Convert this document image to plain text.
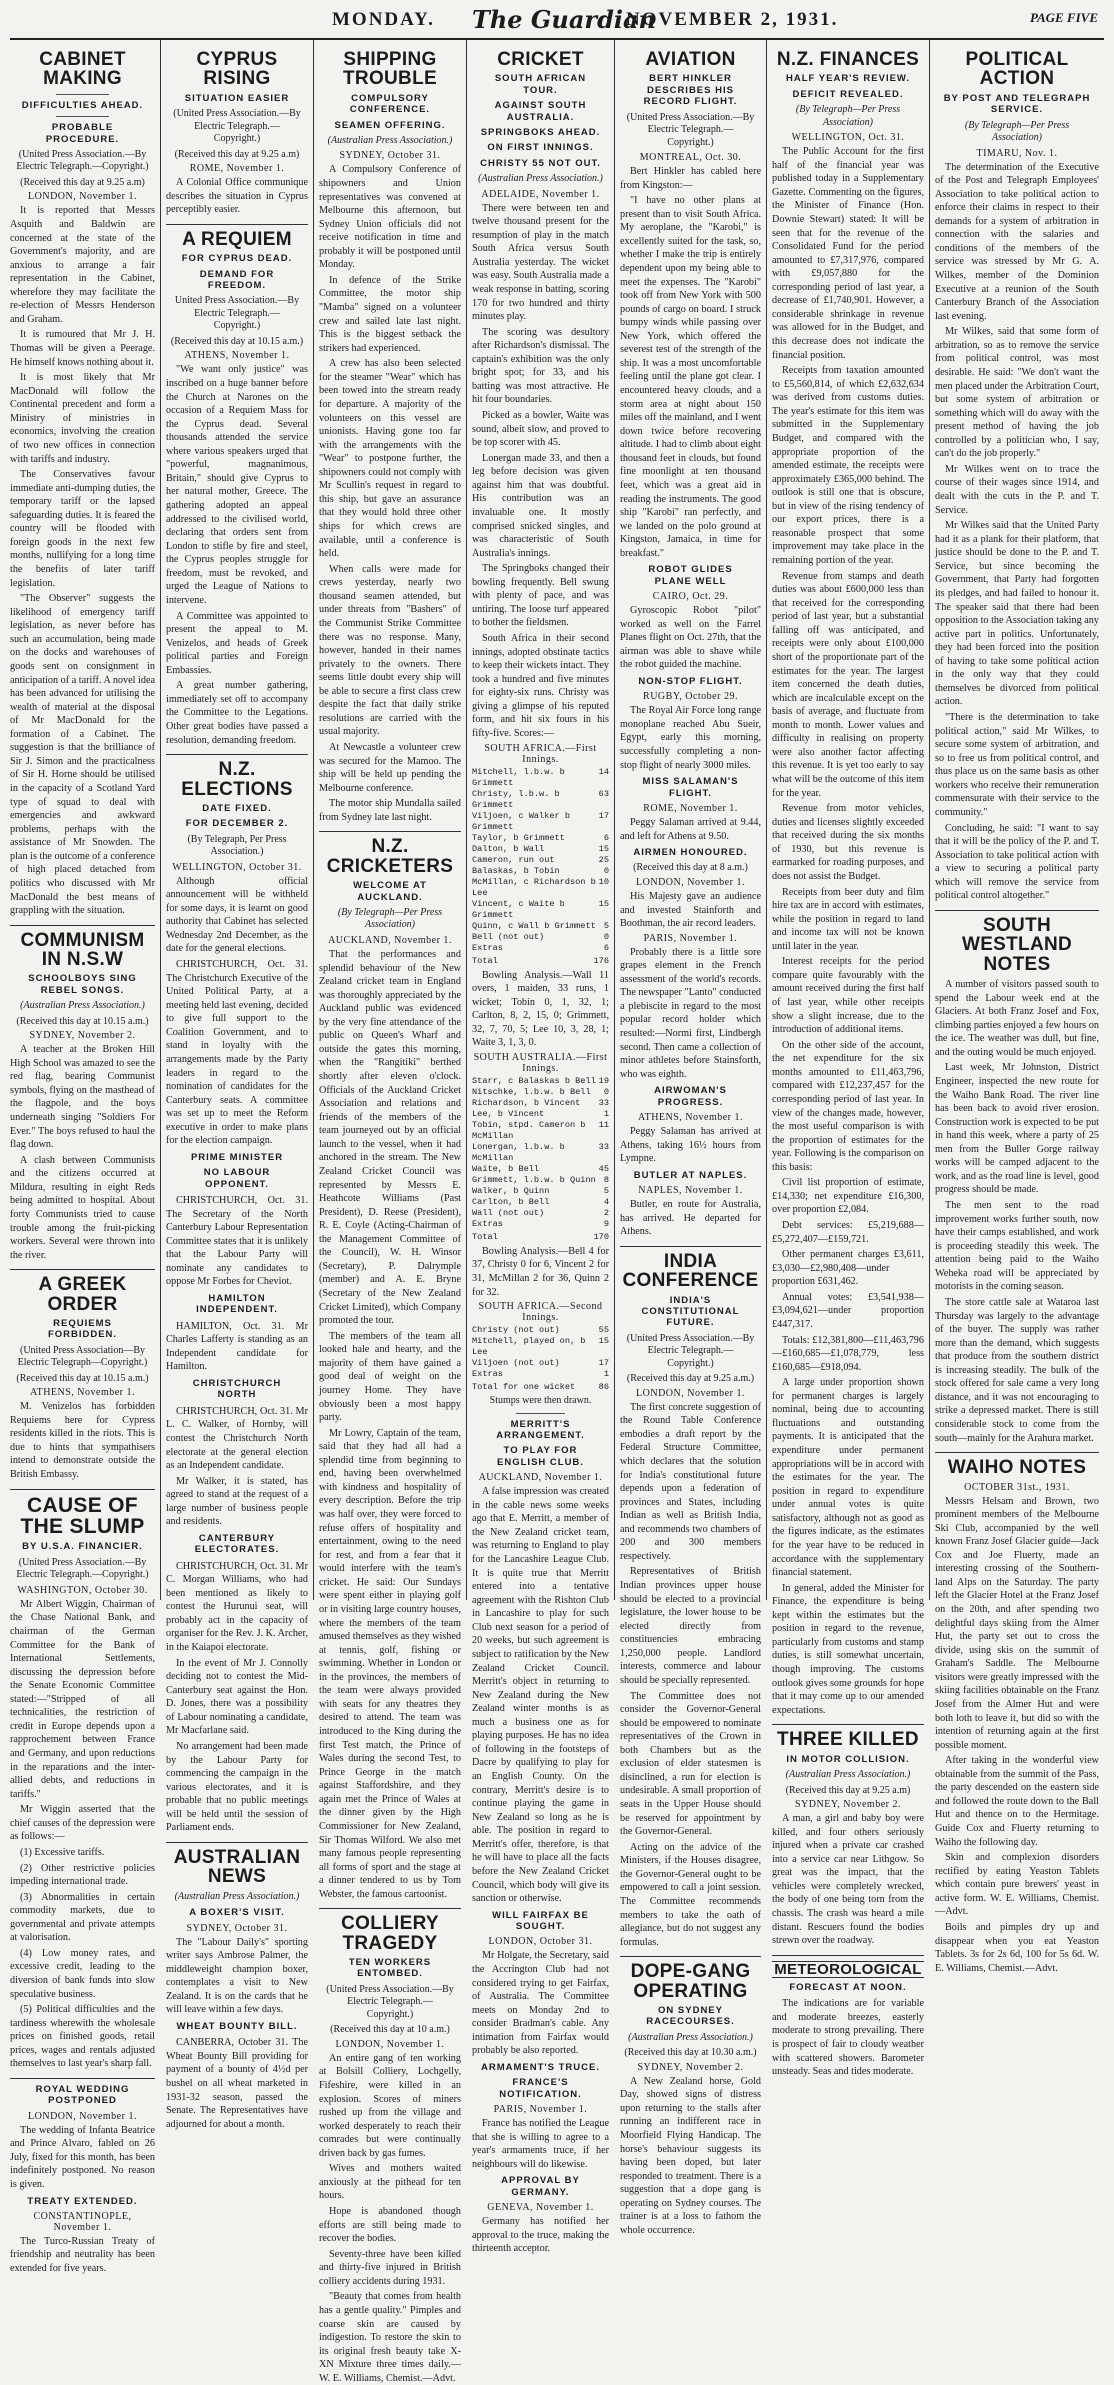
MONDAY. The Guardian
NOVEMBER 2, 1931.	PAGE FIVE
CABINET MAKING
DIFFICULTIES AHEAD.
PROBABLE PROCEDURE.
(United Press Association.—By Electric Telegraph.—Copyright.)
(Received this day at 9.25 a.m)
LONDON, November 1.

It is reported that Messrs Asquith and Baldwin are concerned at the state of the Government's majority, and are anxious to arrange a fair representation in the Cabinet, wherefore they may facilitate the re-election of Messrs Henderson and Graham.

It is rumoured that Mr J. H. Thomas will be given a Peerage. He himself knows nothing about it.

It is most likely that Mr MacDonald will follow the Continental precedent and form a Ministry of ministries in economics, involving the creation of two new offices in connection with tariffs and industry.

The Conservatives favour immediate anti-dumping duties, the temporary tariff or the lapsed safeguarding duties. It is feared the country will be flooded with foreign goods in the next few months, nullifying for a long time the benefits of later tariff legislation.

"The Observer" suggests the likelihood of emergency tariff legislation, as never before has such an accumulation, being made on the docks and warehouses of goods sent on consignment in anticipation of a tariff. A novel idea has been advanced for utilising the wealth of material at the disposal of Mr MacDonald for the formation of a Cabinet. The suggestion is that the brilliance of Sir J. Simon and the practicalness of Sir H. Horne should be utilised in the capacity of a Scotland Yard type of squad to deal with emergencies and awkward problems, perhaps with the assistance of Mr Snowden. The plan is the outcome of a conference of high placed detached from politics who discussed with Mr MacDonald the best means of grappling with the situation.

COMMUNISM IN N.S.W
SCHOOLBOYS SING REBEL SONGS.
(Australian Press Association.)
(Received this day at 10.15 a.m.)
SYDNEY, November 2.

A teacher at the Broken Hill High School was amazed to see the red flag, bearing Communist symbols, flying on the masthead of the flagpole, and the boys underneath singing "Soldiers For Ever." The boys refused to haul the flag down.

A clash between Communists and the citizens occurred at Mildura, resulting in eight Reds being admitted to hospital. About forty Communists tried to cause trouble among the fruit-picking workers. Several were thrown into the river.

A GREEK ORDER
REQUIEMS FORBIDDEN.
(United Press Association—By Electric Telegraph—Copyright.)
(Received this day at 10.15 a.m.)
ATHENS, November 1.

M. Venizelos has forbidden Requiems here for Cypress residents killed in the riots. This is due to hints that sympathisers intend to demonstrate outside the British Embassy.

CAUSE OF THE SLUMP
BY U.S.A. FINANCIER.
(United Press Association.—By Electric Telegraph.—Copyright.)
WASHINGTON, October 30.

Mr Albert Wiggin, Chairman of the Chase National Bank, and chairman of the German Committee for the Bank of International Settlements, discussing the depression before the Senate Economic Committee stated:—"Stripped of all technicalities, the restriction of credit in Europe depends upon a rapprochement between France and Germany, and upon reductions in the reparations and the inter-allied debts, and reductions in tariffs."

Mr Wiggin asserted that the chief causes of the depression were as follows:—

(1) Excessive tariffs.

(2) Other restrictive policies impeding international trade.

(3) Abnormalities in certain commodity markets, due to governmental and private attempts at valorisation.

(4) Low money rates, and excessive credit, leading to the diversion of bank funds into slow speculative business.

(5) Political difficulties and the tardiness wherewith the wholesale prices on finished goods, retail prices, wages and rentals adjusted themselves to last year's sharp fall.

ROYAL WEDDING POSTPONED
LONDON, November 1.

The wedding of Infanta Beatrice and Prince Alvaro, fabled on 26 July, fixed for this month, has been indefinitely postponed. No reason is given.

TREATY EXTENDED.
CONSTANTINOPLE, November 1.

The Turco-Russian Treaty of friendship and neutrality has been extended for five years.

CYPRUS RISING
SITUATION EASIER
(United Press Association.—By Electric Telegraph.—Copyright.)
(Received this day at 9.25 a.m)
ROME, November 1.

A Colonial Office communique describes the situation in Cyprus perceptibly easier.

A REQUIEM
FOR CYPRUS DEAD.
DEMAND FOR FREEDOM.
United Press Association.—By Electric Telegraph.—Copyright.)
(Received this day at 10.15 a.m.)
ATHENS, November 1.

"We want only justice" was inscribed on a huge banner before the Church at Narones on the occasion of a Requiem Mass for the Cyprus dead. Several thousands attended the service where various speakers urged that "powerful, magnanimous, Britain," should give Cyprus to her natural mother, Greece. The gathering adopted an appeal addressed to the civilised world, declaring that orders sent from London to stifle by fire and steel, the Cyprus peoples struggle for freedom, must be revoked, and urged the League of Nations to intervene.

A Committee was appointed to present the appeal to M. Venizelos, and heads of Greek political parties and Foreign Embassies.

A great number gathering, immediately set off to accompany the Committee to the Legations. Other great bodies have passed a resolution, demanding freedom.

N.Z. ELECTIONS
DATE FIXED.
FOR DECEMBER 2.
(By Telegraph, Per Press Association.)
WELLINGTON, October 31.

Although official announcement will be withheld for some days, it is learnt on good authority that Cabinet has selected Wednesday 2nd December, as the date for the general elections.

CHRISTCHURCH, Oct. 31. The Christchurch Executive of the United Political Party, at a meeting held last evening, decided to give full support to the Coalition Government, and to stand in loyalty with the arrangements made by the Party leaders in regard to the nomination of candidates for the Canterbury seats. A committee was set up to meet the Reform executive in order to make plans for the election campaign.

PRIME MINISTER
NO LABOUR OPPONENT.

CHRISTCHURCH, Oct. 31. The Secretary of the North Canterbury Labour Representation Committee states that it is unlikely that the Labour Party will nominate any candidates to oppose Mr Forbes for Cheviot.

HAMILTON INDEPENDENT.

HAMILTON, Oct. 31. Mr Charles Lafferty is standing as an Independent candidate for Hamilton.

CHRISTCHURCH NORTH

CHRISTCHURCH, Oct. 31. Mr L. C. Walker, of Hornby, will contest the Christchurch North electorate at the general election as an Independent candidate.

Mr Walker, it is stated, has agreed to stand at the request of a large number of business people and residents.

CANTERBURY ELECTORATES.

CHRISTCHURCH, Oct. 31. Mr C. Morgan Williams, who had been mentioned as likely to contest the Hurunui seat, will probably act in the capacity of organiser for the Rev. J. K. Archer, in the Kaiapoi electorate.

In the event of Mr J. Connolly deciding not to contest the Mid-Canterbury seat against the Hon. D. Jones, there was a possibility of Labour nominating a candidate, Mr Macfarlane said.

No arrangement had been made by the Labour Party for commencing the campaign in the various electorates, and it is probable that no public meetings will be held until the session of Parliament ends.

AUSTRALIAN NEWS
(Australian Press Association.)
A BOXER'S VISIT.
SYDNEY, October 31.

The "Labour Daily's" sporting writer says Ambrose Palmer, the middleweight champion boxer, contemplates a visit to New Zealand. It is on the cards that he will leave within a few days.

WHEAT BOUNTY BILL.

CANBERRA, October 31. The Wheat Bounty Bill providing for payment of a bounty of 4½d per bushel on all wheat marketed in 1931-32 season, passed the Senate. The Representatives have adjourned for about a month.

SHIPPING TROUBLE
COMPULSORY CONFERENCE.
SEAMEN OFFERING.
(Australian Press Association.)
SYDNEY, October 31.

A Compulsory Conference of shipowners and Union representatives was convened at Melbourne this afternoon, but Sydney Union officials did not receive notification in time and probably it will be postponed until Monday.

In defence of the Strike Committee, the motor ship "Mamba" signed on a volunteer crew and sailed late last night. This is the biggest setback the strikers had experienced.

A crew has also been selected for the steamer "Wear" which has been towed into the stream ready for departure. A majority of the volunteers on this vessel are unionists. Having gone too far with the arrangements with the "Wear" to postpone further, the shipowners could not comply with Mr Scullin's request in regard to this ship, but gave an assurance that they would hold three other ships for which crews are available, until a conference is held.

When calls were made for crews yesterday, nearly two thousand seamen attended, but under threats from "Bashers" of the Communist Strike Committee there was no response. Many, however, handed in their names privately to the owners. There seems little doubt every ship will be able to secure a first class crew despite the fact that daily strike resolutions are carried with the usual majority.

At Newcastle a volunteer crew was secured for the Mamoo. The ship will be held up pending the Melbourne conference.

The motor ship Mundalla sailed from Sydney late last night.

N.Z. CRICKETERS
WELCOME AT AUCKLAND.
(By Telegraph—Per Press Association)
AUCKLAND, November 1.

That the performances and splendid behaviour of the New Zealand cricket team in England was thoroughly appreciated by the Auckland public was evidenced by the very fine attendance of the public on Queen's Wharf and outside the gates this morning, when the "Rangitiki" berthed shortly after eleven o'clock. Officials of the Auckland Cricket Association and relations and friends of the members of the team journeyed out by an official launch to the vessel, when it had anchored in the stream. The New Zealand Cricket Council was represented by Messrs E. Heathcote Williams (Past President), D. Reese (President), R. E. Coyle (Acting-Chairman of the Management Committee of the Council), W. H. Winsor (Secretary), P. Dalrymple (member) and A. E. Bryne (Secretary of the New Zealand Cricket Limited), which Company promoted the tour.

The members of the team all looked hale and hearty, and the majority of them have gained a good deal of weight on the journey Home. They have obviously been a most happy party.

Mr Lowry, Captain of the team, said that they had all had a splendid time from beginning to end, having been overwhelmed with kindness and hospitality of every description. Before the trip was half over, they were forced to refuse offers of hospitality and entertainment, owing to the need for rest, and from a fear that it would interfere with the team's cricket. He said: Our Sundays were spent either in playing golf or in visiting large country houses, where the members of the team amused themselves as they wished at tennis, golf, fishing or swimming. Whether in London or in the provinces, the members of the team were always provided with seats for any theatres they desired to attend. The team was introduced to the King during the first Test match, the Prince of Wales during the second Test, to Prince George in the match against Staffordshire, and they again met the Prince of Wales at the dinner given by the High Commissioner for New Zealand, Sir Thomas Wilford. We also met many famous people representing all forms of sport and the stage at a dinner tendered to us by Tom Webster, the famous cartoonist.

COLLIERY TRAGEDY
TEN WORKERS ENTOMBED.
(United Press Association.—By Electric Telegraph.—Copyright.)
(Received this day at 10 a.m.)
LONDON, November 1.

An entire gang of ten working at Bolsill Colliery, Lochgelly, Fifeshire, were killed in an explosion. Scores of miners rushed up from the village and worked desperately to reach their comrades but were continually driven back by gas fumes.

Wives and mothers waited anxiously at the pithead for ten hours.

Hope is abandoned though efforts are still being made to recover the bodies.

Seventy-three have been killed and thirty-five injured in British colliery accidents during 1931.

"Beauty that comes from health has a gentle quality." Pimples and coarse skin are caused by indigestion. To restore the skin to its original fresh beauty take X-XN Mixture three times daily.—W. E. Williams, Chemist.—Advt.

CRICKET
SOUTH AFRICAN TOUR.
AGAINST SOUTH AUSTRALIA.
SPRINGBOKS AHEAD.
ON FIRST INNINGS.
CHRISTY 55 NOT OUT.
(Australian Press Association.)
ADELAIDE, November 1.

There were between ten and twelve thousand present for the resumption of play in the match South Africa versus South Australia yesterday. The wicket was easy. South Australia made a weak response in batting, scoring 170 for two hundred and thirty minutes play.

The scoring was desultory after Richardson's dismissal. The captain's exhibition was the only bright spot; for 33, and his batting was most attractive. He hit four boundaries.

Picked as a bowler, Waite was sound, albeit slow, and proved to be top scorer with 45.

Lonergan made 33, and then a leg before decision was given against him that was doubtful. His contribution was an invaluable one. It mostly comprised snicked singles, and was characteristic of South Australia's innings.

The Springboks changed their bowling frequently. Bell swung with plenty of pace, and was untiring. The loose turf appeared to bother the fieldsmen.

South Africa in their second innings, adopted obstinate tactics to keep their wickets intact. They took a hundred and five minutes for eighty-six runs. Christy was giving a glimpse of his reputed form, and hit six fours in his fifty-five. Scores:—

SOUTH AFRICA.—First Innings.
Mitchell, l.b.w. b Grimmett
14
Christy, l.b.w. b Grimmett
63
Viljoen, c Walker b Grimmett
17
Taylor, b Grimmett	6
Dalton, b Wall	15
Cameron, run out	25
Balaskas, b Tobin	0
McMillan, c Richardson b Lee
10
Vincent, c Waite b Grimmett
15
Quinn, c Wall b Grimmett 5
Bell (not out)	0
Extras	6
Total	176

Bowling Analysis.—Wall 11 overs, 1 maiden, 33 runs, 1 wicket; Tobin 0, 1, 32, 1; Carlton, 8, 2, 15, 0; Grimmett, 32, 7, 70, 5; Lee 10, 3, 28, 1; Waite 3, 1, 3, 0.

SOUTH AUSTRALIA.—First Innings.
Starr, c Balaskas b Bell 19
Nitschke, l.b.w. b Bell 0
Richardson, b Vincent 33
Lee, b Vincent	1
Tobin, stpd. Cameron b McMillan
11
Lonergan, l.b.w. b McMillan
33
Waite, b Bell	45
Grimmett, l.b.w. b Quinn 8
Walker, b Quinn	5
Carlton, b Bell	4
Wall (not out)	2
Extras	9
Total	170

Bowling Analysis.—Bell 4 for 37, Christy 0 for 6, Vincent 2 for 31, McMillan 2 for 36, Quinn 2 for 32.

SOUTH AFRICA.—Second Innings.
Christy (not out)	55
Mitchell, played on, b Lee
15
Viljoen (not out)	17
Extras	1
Total for one wicket	86
Stumps were then drawn.
MERRITT'S ARRANGEMENT.
TO PLAY FOR ENGLISH CLUB.
AUCKLAND, November 1.

A false impression was created in the cable news some weeks ago that E. Merritt, a member of the New Zealand cricket team, was returning to England to play for the Lancashire League Club. It is quite true that Merritt entered into a tentative agreement with the Rishton Club in Lancashire to play for such Club next season for a period of 20 weeks, but such agreement is subject to ratification by the New Zealand Cricket Council. Merritt's object in returning to New Zealand during the New Zealand winter months is as much a business one as for playing purposes. He has no idea of following in the footsteps of Dacre by qualifying to play for an English County. On the contrary, Merritt's desire is to continue playing the game in New Zealand so long as he is able. The position in regard to Merritt's offer, therefore, is that he will have to place all the facts before the New Zealand Cricket Council, which body will give its sanction or otherwise.

WILL FAIRFAX BE SOUGHT.
LONDON, October 31.

Mr Holgate, the Secretary, said the Accrington Club had not considered trying to get Fairfax, of Australia. The Committee meets on Monday 2nd to consider Bradman's cable. Any intimation from Fairfax would probably be also reported.

ARMAMENT'S TRUCE.
FRANCE'S NOTIFICATION.
PARIS, November 1.

France has notified the League that she is willing to agree to a year's armaments truce, if her neighbours will do likewise.

APPROVAL BY GERMANY.
GENEVA, November 1.

Germany has notified her approval to the truce, making the thirteenth acceptor.

AVIATION
BERT HINKLER DESCRIBES HIS RECORD FLIGHT.
(United Press Association.—By Electric Telegraph.—Copyright.)
MONTREAL, Oct. 30.

Bert Hinkler has cabled here from Kingston:—

"I have no other plans at present than to visit South Africa. My aeroplane, the "Karobi," is excellently suited for the task, so, whether I make the trip is entirely dependent upon my being able to meet the expenses. The "Karobi" took off from New York with 500 pounds of cargo on board. I struck bumpy winds while passing over New York, which offered the severest test of the strength of the ship. It was a most uncomfortable feeling until the plane got clear. I encountered heavy clouds, and a storm area at night about 150 miles off the mainland, and I went down twice before recovering altitude. I had to climb about eight thousand feet in clouds, but found fine moonlight at ten thousand feet, which was a great aid in reading the instruments. The good ship "Karobi" ran perfectly, and we landed on the polo ground at Kingston, Jamaica, in time for breakfast."

ROBOT GLIDES PLANE WELL
CAIRO, Oct. 29.

Gyroscopic Robot "pilot" worked as well on the Farrel Planes flight on Oct. 27th, that the airman was able to shave while the robot guided the machine.

NON-STOP FLIGHT.
RUGBY, October 29.

The Royal Air Force long range monoplane reached Abu Sueir, Egypt, early this morning, successfully completing a non-stop flight of nearly 3000 miles.

MISS SALAMAN'S FLIGHT.
ROME, November 1.

Peggy Salaman arrived at 9.44, and left for Athens at 9.50.

AIRMEN HONOURED.
(Received this day at 8 a.m.)
LONDON, November 1.

His Majesty gave an audience and invested Stainforth and Boothman, the air record leaders.

PARIS, November 1.

Probably there is a little sore grapes element in the French assessment of the world's records. The newspaper "Lanto" conducted a plebiscite in regard to the most popular record holder which resulted:—Normi first, Lindbergh second. Then came a collection of minor athletes before Stainsforth, who was eighth.

AIRWOMAN'S PROGRESS.
ATHENS, November 1.

Peggy Salaman has arrived at Athens, taking 16½ hours from Lympne.

BUTLER AT NAPLES.
NAPLES, November 1.

Butler, en route for Australia, has arrived. He departed for Athens.

INDIA CONFERENCE
INDIA'S CONSTITUTIONAL FUTURE.
(United Press Association.—By Electric Telegraph.—Copyright.)
(Received this day at 9.25 a.m.)
LONDON, November 1.

The first concrete suggestion of the Round Table Conference embodies a draft report by the Federal Structure Committee, which declares that the solution for India's constitutional future depends upon a federation of provinces and States, including Indian as well as British India, and recommends two chambers of 200 and 300 members respectively.

Representatives of British Indian provinces upper house should be elected to a provincial legislature, the lower house to be elected directly from constituencies embracing 1,250,000 people. Landlord interests, commerce and labour should be specially represented.

The Committee does not consider the Governor-General should be empowered to nominate representatives of the Crown in both Chambers but as the exclusion of elder statesmen is disinclined, a run for election is undesirable. A small proportion of seats in the Upper House should be reserved for appointment by the Governor-General.

Acting on the advice of the Ministers, if the Houses disagree, the Governor-General ought to be empowered to call a joint session. The Committee recommends members to take the oath of allegiance, but do not suggest any formulas.

DOPE-GANG OPERATING
ON SYDNEY RACECOURSES.
(Australian Press Association.)
(Received this day at 10.30 a.m.)
SYDNEY, November 2.

A New Zealand horse, Gold Day, showed signs of distress upon returning to the stalls after running an indifferent race in Moorfield Flying Handicap. The horse's behaviour suggests its having been doped, but later responded to treatment. There is a suggestion that a dope gang is operating on Sydney courses. The trainer is at a loss to fathom the whole occurrence.

N.Z. FINANCES
HALF YEAR'S REVIEW.
DEFICIT REVEALED.
(By Telegraph—Per Press Association)
WELLINGTON, Oct. 31.

The Public Account for the first half of the financial year was published today in a Supplementary Gazette. Commenting on the figures, the Minister of Finance (Hon. Downie Stewart) stated: It will be seen that for the revenue of the Consolidated Fund for the period amounted to £7,317,976, compared with £9,057,880 for the corresponding period of last year, a decrease of £1,740,901. However, a considerable shrinkage in revenue was allowed for in the Budget, and this decrease does not indicate the financial position.

Receipts from taxation amounted to £5,560,814, of which £2,632,634 was derived from customs duties. The year's estimate for this item was submitted in the Supplementary Budget, and compared with the appropriate proportion of the amended estimate, the receipts were approximately £365,000 behind. The outlook is still one that is obscure, but in view of the rising tendency of our export prices, there is a reasonable prospect that some improvement may take place in the remaining portion of the year.

Revenue from stamps and death duties was about £600,000 less than that received for the corresponding period of last year, but a substantial falling off was anticipated, and receipts were only about £100,000 short of the proportionate part of the estimates for the year. The largest item concerned the death duties, which are incalculable except on the basis of average, and fluctuate from month to month. Lower values and difficulty in realising on property were also another factor affecting this revenue. It is yet too early to say what will be the outcome of this item for the year.

Revenue from motor vehicles, duties and licenses slightly exceeded that received during the six months of 1930, but this revenue is earmarked for roading purposes, and does not assist the Budget.

Receipts from beer duty and film hire tax are in accord with estimates, while the position in regard to land and income tax will not be known until later in the year.

Interest receipts for the period compare quite favourably with the amount received during the first half of last year, while other receipts show a slight increase, due to the introduction of additional items.

On the other side of the account, the net expenditure for the six months amounted to £11,463,796, compared with £12,237,457 for the corresponding period of last year. In view of the changes made, however, the most useful comparison is with the proportion of estimates for the year. Following is the comparison on this basis:

Civil list proportion of estimate, £14,330; net expenditure £16,300, over proportion £2,084.

Debt services: £5,219,688—£5,272,407—£159,721.

Other permanent charges £3,611, £3,030—£2,980,408—under proportion £631,462.

Annual votes: £3,541,938—£3,094,621—under proportion £447,317.

Totals: £12,381,800—£11,463,796—£160,685—£1,078,779, less £160,685—£918,094.

A large under proportion shown for permanent charges is largely nominal, being due to accounting fluctuations and outstanding payments. It is anticipated that the expenditure under permanent appropriations will be in accord with the estimates for the year. The position in regard to expenditure under annual votes is quite satisfactory, although not as good as the figures indicate, as the estimates for the year have to be reduced in accordance with the supplementary financial statement.

In general, added the Minister for Finance, the expenditure is being kept within the estimates but the position in regard to the revenue, particularly from customs and stamp duties, is still somewhat uncertain, though improving. The customs outlook gives some grounds for hope that it may come up to our amended expectations.

THREE KILLED
IN MOTOR COLLISION.
(Australian Press Association.)
(Received this day at 9.25 a.m)
SYDNEY, November 2.

A man, a girl and baby boy were killed, and four others seriously injured when a private car crashed into a service car near Lithgow. So great was the impact, that the vehicles were completely wrecked, the body of one being torn from the chassis. The crash was heard a mile distant. Rescuers found the bodies strewn over the roadway.

METEOROLOGICAL
FORECAST AT NOON.

The indications are for variable and moderate breezes, easterly moderate to strong prevailing. There is prospect of fair to cloudy weather with scattered showers. Barometer unsteady. Seas and tides moderate.

POLITICAL ACTION
BY POST AND TELEGRAPH SERVICE.
(By Telegraph—Per Press Association)
TIMARU, Nov. 1.

The determination of the Executive of the Post and Telegraph Employees' Association to take political action to enforce their claims in respect to their demands for a system of arbitration in connection with the salaries and conditions of the members of the service was stressed by Mr G. A. Wilkes, member of the Dominion Executive at a reunion of the South Canterbury Branch of the Association last evening.

Mr Wilkes, said that some form of arbitration, so as to remove the service from political control, was most desirable. He said: "We don't want the men placed under the Arbitration Court, but some system of arbitration or something which will do away with the present method of having the job controlled by a politician who, I say, can't do the job properly."

Mr Wilkes went on to trace the course of their wages since 1914, and dealt with the cuts in the P. and T. Service.

Mr Wilkes said that the United Party had it as a plank for their platform, that justice should be done to the P. and T. Service, but since becoming the Government, that Party had forgotten its pledges, and had failed to honour it. The speaker said that there had been opposition to the Association taking any active part in politics. Unfortunately, they had been forced into the position of having to take some political action in the only way that they could themselves be divorced from political action.

"There is the determination to take political action," said Mr Wilkes, to secure some system of arbitration, and so to free us from political control, and thus place us on the same basis as other workers who receive their remuneration commensurate with their service to the community."

Concluding, he said: "I want to say that it will be the policy of the P. and T. Association to take political action with a view to securing a political party which will remove the service from political control altogether."

SOUTH WESTLAND NOTES

A number of visitors passed south to spend the Labour week end at the Glaciers. At both Franz Josef and Fox, climbing parties enjoyed a few hours on the ice. The weather was dull, but fine, and the outing would be much enjoyed.

Last week, Mr Johnston, District Engineer, inspected the new route for the Waiho Bank Road. The river line has been back to avoid river erosion. Construction work is expected to be put in hand this week, where a party of 25 men from the Buller Gorge railway works will be camped adjacent to the work, and as the road line is level, good progress should be made.

The men sent to the road improvement works further south, now have their camps established, and work is proceeding steadily this week. The attention being paid to the Waiho Weheka road will be appreciated by motorists in the coming season.

The store cattle sale at Wataroa last Thursday was largely to the advantage of the buyer. The supply was rather more than the demand, which suggests that produce from the southern district is increasing steadily. The bulk of the stock offered for sale came a very long distance, and it was not encouraging to strike a depressed market. There is still considerable stock to come from the south—mainly for the Arahura market.

WAIHO NOTES
OCTOBER 31st., 1931.

Messrs Helsam and Brown, two prominent members of the Melbourne Ski Club, accompanied by the well known Franz Josef Glacier guide—Jack Cox and Joe Fluerty, made an interesting crossing of the Southern-land Alps on the Saturday. The party left the Glacier Hotel at the Franz Josef on the 20th, and after spending two delightful days skiing from the Almer Hut, the party set out to cross the divide, using skis on the summit of Graham's Saddle. The Melbourne visitors were greatly impressed with the skiing facilities obtainable on the Franz Josef from the Almer Hut and were both loth to leave it, but did so with the intention of returning again at the first possible moment.

After taking in the wonderful view obtainable from the summit of the Pass, the party descended on the eastern side and followed the route down to the Ball Hut and thence on to the Hermitage. Guide Cox and Fluerty returning to Waiho the following day.

Skin and complexion disorders rectified by eating Yeaston Tablets which contain pure brewers' yeast in active form. W. E. Williams, Chemist.—Advt.

Boils and pimples dry up and disappear when you eat Yeaston Tablets. 3s for 2s 6d, 100 for 5s 6d. W. E. Williams, Chemist.—Advt.
